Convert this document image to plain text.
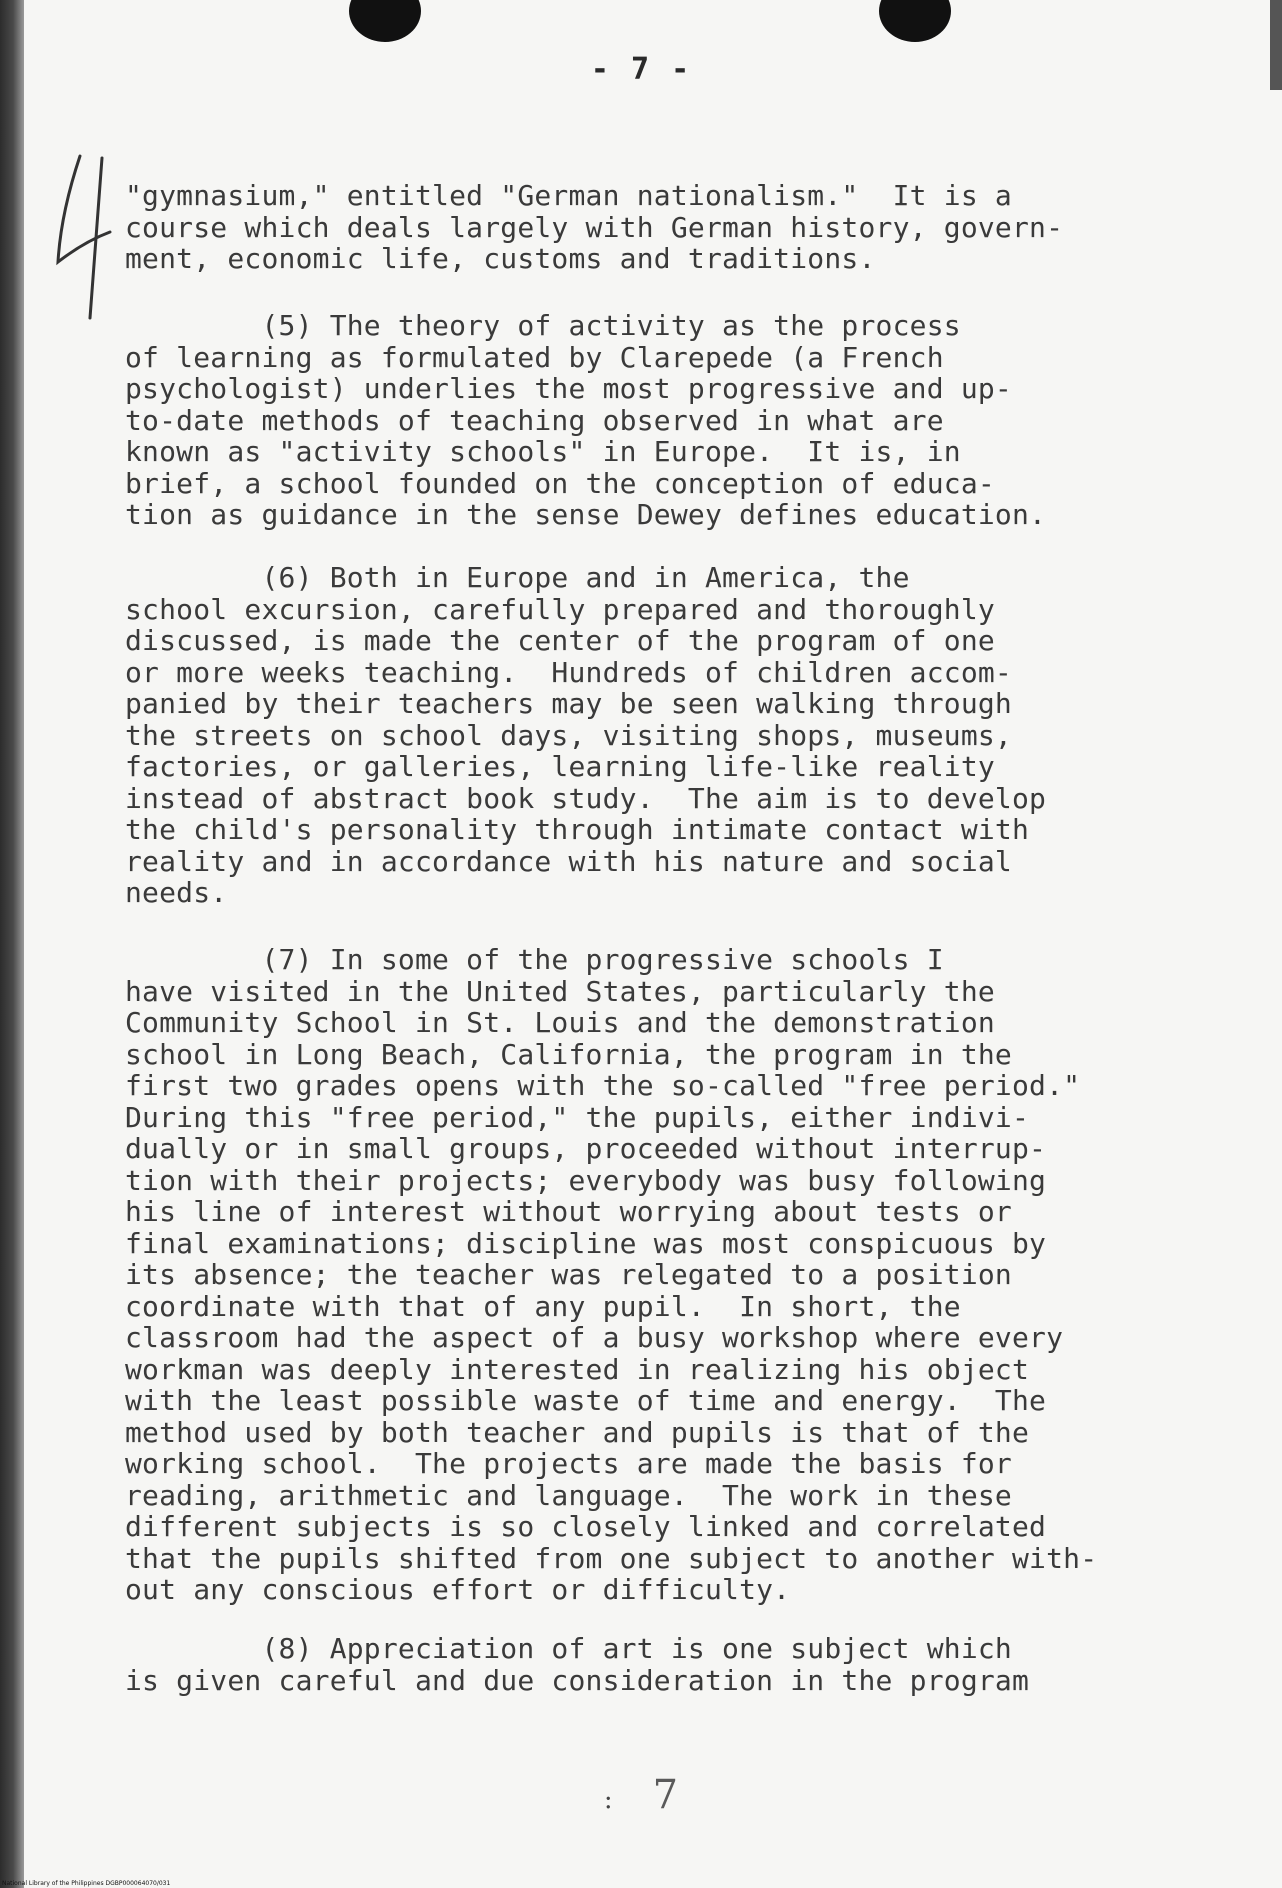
- 7 -
"gymnasium," entitled "German nationalism."  It is a
course which deals largely with German history, govern-
ment, economic life, customs and traditions.
(5) The theory of activity as the process
of learning as formulated by Clarepede (a French
psychologist) underlies the most progressive and up-
to-date methods of teaching observed in what are
known as "activity schools" in Europe.  It is, in
brief, a school founded on the conception of educa-
tion as guidance in the sense Dewey defines education.
(6) Both in Europe and in America, the
school excursion, carefully prepared and thoroughly
discussed, is made the center of the program of one
or more weeks teaching.  Hundreds of children accom-
panied by their teachers may be seen walking through
the streets on school days, visiting shops, museums,
factories, or galleries, learning life-like reality
instead of abstract book study.  The aim is to develop
the child's personality through intimate contact with
reality and in accordance with his nature and social
needs.
(7) In some of the progressive schools I
have visited in the United States, particularly the
Community School in St. Louis and the demonstration
school in Long Beach, California, the program in the
first two grades opens with the so-called "free period."
During this "free period," the pupils, either indivi-
dually or in small groups, proceeded without interrup-
tion with their projects; everybody was busy following
his line of interest without worrying about tests or
final examinations; discipline was most conspicuous by
its absence; the teacher was relegated to a position
coordinate with that of any pupil.  In short, the
classroom had the aspect of a busy workshop where every
workman was deeply interested in realizing his object
with the least possible waste of time and energy.  The
method used by both teacher and pupils is that of the
working school.  The projects are made the basis for
reading, arithmetic and language.  The work in these
different subjects is so closely linked and correlated
that the pupils shifted from one subject to another with-
out any conscious effort or difficulty.
(8) Appreciation of art is one subject which
is given careful and due consideration in the program
: 7
National Library of the Philippines DGBP000064070/031
